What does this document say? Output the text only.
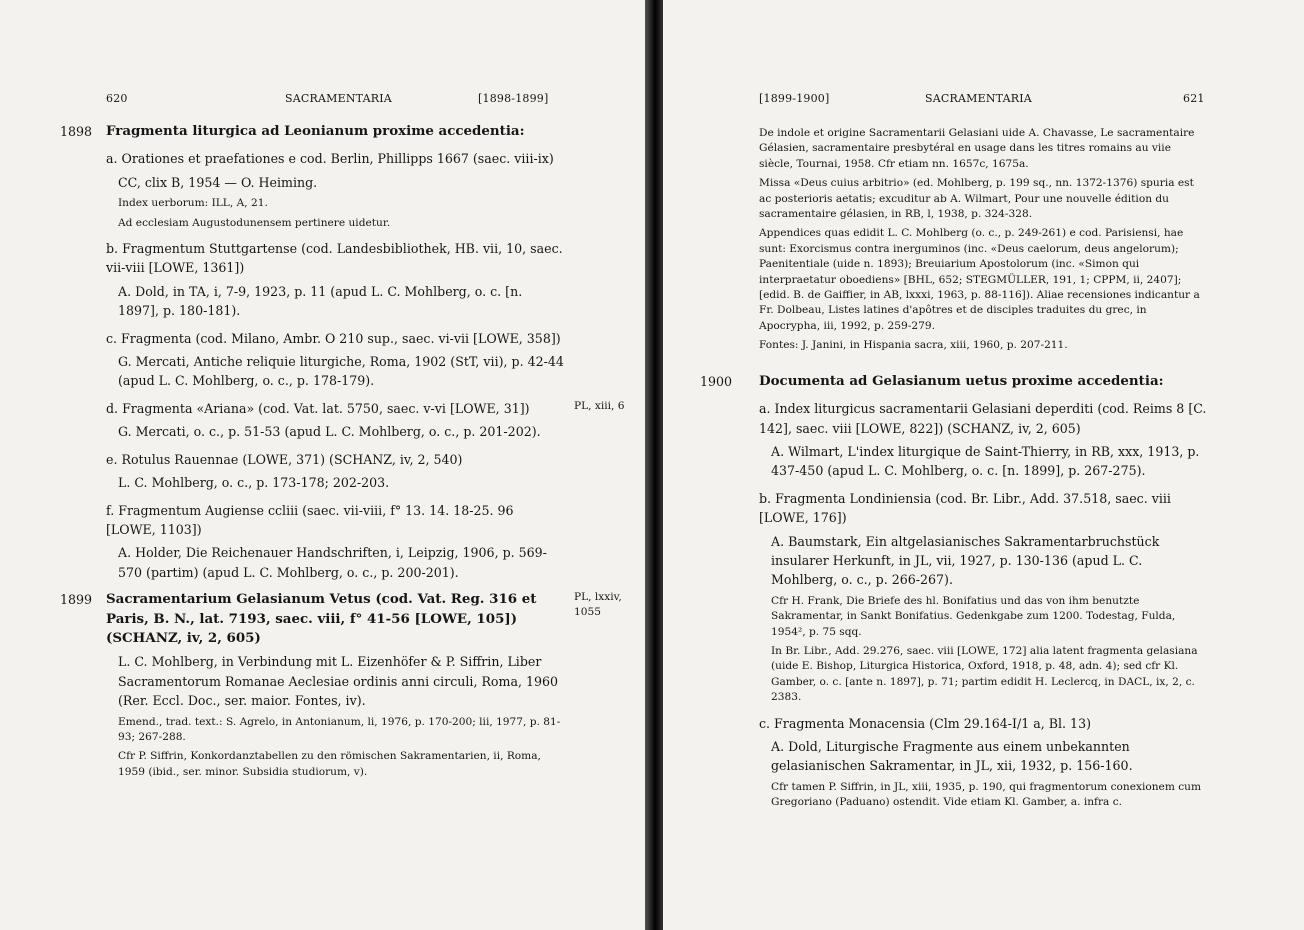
620	SACRAMENTARIA	[1898-1899]
1898 Fragmenta liturgica ad Leonianum proxime accedentia:
a. Orationes et praefationes e cod. Berlin, Phillipps 1667 (saec. viii-ix)
CC, clix B, 1954 — O. Heiming.
Index uerborum: ILL, A, 21.
Ad ecclesiam Augustodunensem pertinere uidetur.
b. Fragmentum Stuttgartense (cod. Landesbibliothek, HB. vii, 10, saec. vii-viii [LOWE, 1361])
A. Dold, in TA, i, 7-9, 1923, p. 11 (apud L. C. Mohlberg, o. c. [n. 1897], p. 180-181).
c. Fragmenta (cod. Milano, Ambr. O 210 sup., saec. vi-vii [LOWE, 358])
G. Mercati, Antiche reliquie liturgiche, Roma, 1902 (StT, vii), p. 42-44 (apud L. C. Mohlberg, o. c., p. 178-179).
d. Fragmenta «Ariana» (cod. Vat. lat. 5750, saec. v-vi [LOWE, 31])	PL, xiii, 6
G. Mercati, o. c., p. 51-53 (apud L. C. Mohlberg, o. c., p. 201-202).
e. Rotulus Rauennae (LOWE, 371) (SCHANZ, iv, 2, 540)
L. C. Mohlberg, o. c., p. 173-178; 202-203.
f. Fragmentum Augiense ccliii (saec. vii-viii, f° 13. 14. 18-25. 96 [LOWE, 1103])
A. Holder, Die Reichenauer Handschriften, i, Leipzig, 1906, p. 569-570 (partim) (apud L. C. Mohlberg, o. c., p. 200-201).
1899 Sacramentarium Gelasianum Vetus (cod. Vat. Reg. 316 et Paris, B. N., lat. 7193, saec. viii, f° 41-56 [LOWE, 105]) (SCHANZ, iv, 2, 605)
PL, lxxiv, 1055
L. C. Mohlberg, in Verbindung mit L. Eizenhöfer & P. Siffrin, Liber Sacramentorum Romanae Aeclesiae ordinis anni circuli, Roma, 1960 (Rer. Eccl. Doc., ser. maior. Fontes, iv).
Emend., trad. text.: S. Agrelo, in Antonianum, li, 1976, p. 170-200; lii, 1977, p. 81-93; 267-288.
Cfr P. Siffrin, Konkordanztabellen zu den römischen Sakramentarien, ii, Roma, 1959 (ibid., ser. minor. Subsidia studiorum, v).
[1899-1900]	SACRAMENTARIA	621
De indole et origine Sacramentarii Gelasiani uide A. Chavasse, Le sacramentaire Gélasien, sacramentaire presbytéral en usage dans les titres romains au viie siècle, Tournai, 1958. Cfr etiam nn. 1657c, 1675a.
Missa «Deus cuius arbitrio» (ed. Mohlberg, p. 199 sq., nn. 1372-1376) spuria est ac posterioris aetatis; excuditur ab A. Wilmart, Pour une nouvelle édition du sacramentaire gélasien, in RB, l, 1938, p. 324-328.
Appendices quas edidit L. C. Mohlberg (o. c., p. 249-261) e cod. Parisiensi, hae sunt: Exorcismus contra inerguminos (inc. «Deus caelorum, deus angelorum); Paenitentiale (uide n. 1893); Breuiarium Apostolorum (inc. «Simon qui interpraetatur oboediens» [BHL, 652; STEGMÜLLER, 191, 1; CPPM, ii, 2407]; [edid. B. de Gaiffier, in AB, lxxxi, 1963, p. 88-116]). Aliae recensiones indicantur a Fr. Dolbeau, Listes latines d'apôtres et de disciples traduites du grec, in Apocrypha, iii, 1992, p. 259-279.
Fontes: J. Janini, in Hispania sacra, xiii, 1960, p. 207-211.
1900 Documenta ad Gelasianum uetus proxime accedentia:
a. Index liturgicus sacramentarii Gelasiani deperditi (cod. Reims 8 [C. 142], saec. viii [LOWE, 822]) (SCHANZ, iv, 2, 605)
A. Wilmart, L'index liturgique de Saint-Thierry, in RB, xxx, 1913, p. 437-450 (apud L. C. Mohlberg, o. c. [n. 1899], p. 267-275).
b. Fragmenta Londiniensia (cod. Br. Libr., Add. 37.518, saec. viii [LOWE, 176])
A. Baumstark, Ein altgelasianisches Sakramentarbruchstück insularer Herkunft, in JL, vii, 1927, p. 130-136 (apud L. C. Mohlberg, o. c., p. 266-267).
Cfr H. Frank, Die Briefe des hl. Bonifatius und das von ihm benutzte Sakramentar, in Sankt Bonifatius. Gedenkgabe zum 1200. Todestag, Fulda, 1954², p. 75 sqq.
In Br. Libr., Add. 29.276, saec. viii [LOWE, 172] alia latent fragmenta gelasiana (uide E. Bishop, Liturgica Historica, Oxford, 1918, p. 48, adn. 4); sed cfr Kl. Gamber, o. c. [ante n. 1897], p. 71; partim edidit H. Leclercq, in DACL, ix, 2, c. 2383.
c. Fragmenta Monacensia (Clm 29.164-I/1 a, Bl. 13)
A. Dold, Liturgische Fragmente aus einem unbekannten gelasianischen Sakramentar, in JL, xii, 1932, p. 156-160.
Cfr tamen P. Siffrin, in JL, xiii, 1935, p. 190, qui fragmentorum conexionem cum Gregoriano (Paduano) ostendit. Vide etiam Kl. Gamber, a. infra c.
